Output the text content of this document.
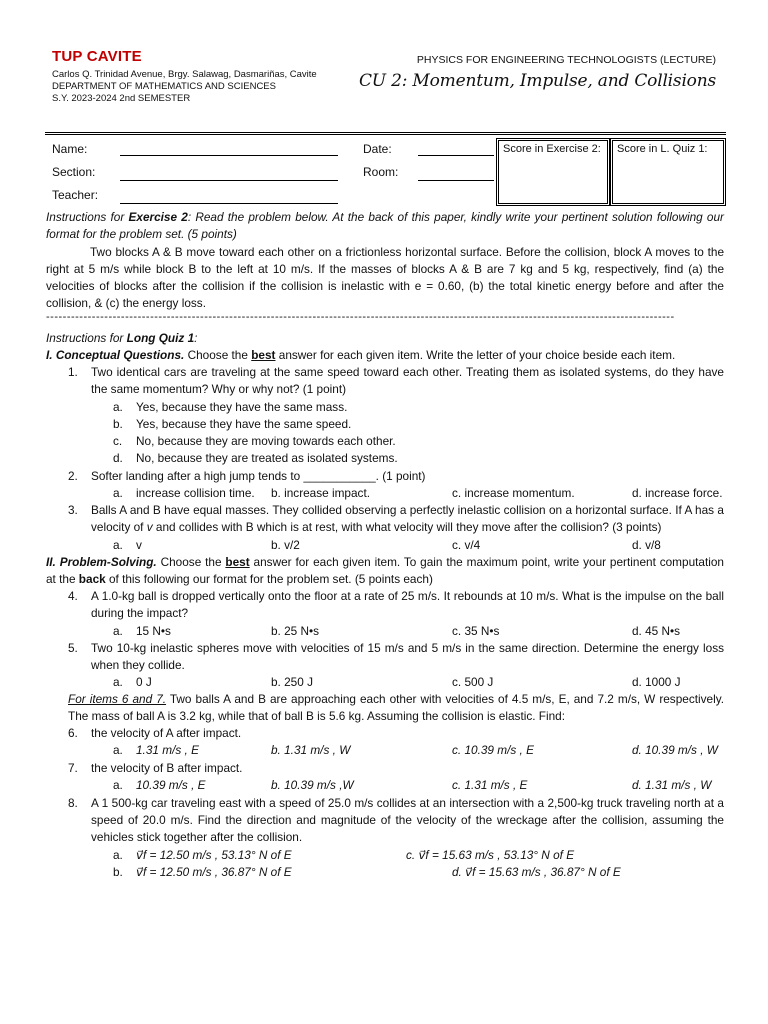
TUP CAVITE
Carlos Q. Trinidad Avenue, Brgy. Salawag, Dasmariñas, Cavite
DEPARTMENT OF MATHEMATICS AND SCIENCES
S.Y. 2023-2024 2nd SEMESTER
PHYSICS FOR ENGINEERING TECHNOLOGISTS (LECTURE)
CU 2: Momentum, Impulse, and Collisions
Name:
Section:
Teacher:
Date:
Room:
Score in Exercise 2:	Score in L. Quiz 1:
Instructions for Exercise 2: Read the problem below. At the back of this paper, kindly write your pertinent solution following our format for the problem set. (5 points)
Two blocks A & B move toward each other on a frictionless horizontal surface. Before the collision, block A moves to the right at 5 m/s while block B to the left at 10 m/s. If the masses of blocks A & B are 7 kg and 5 kg, respectively, find (a) the velocities of blocks after the collision if the collision is inelastic with e = 0.60, (b) the total kinetic energy before and after the collision, & (c) the energy loss.
-------------------------------------------------------------------------------------------------------------------------------------------------------
Instructions for Long Quiz 1:
I. Conceptual Questions. Choose the best answer for each given item. Write the letter of your choice beside each item.
1. Two identical cars are traveling at the same speed toward each other. Treating them as isolated systems, do they have the same momentum? Why or why not? (1 point)
a. Yes, because they have the same mass.
b. Yes, because they have the same speed.
c. No, because they are moving towards each other.
d. No, because they are treated as isolated systems.
2. Softer landing after a high jump tends to ___________. (1 point)
a. increase collision time. b. increase impact.	c. increase momentum.	d. increase force.
3. Balls A and B have equal masses. They collided observing a perfectly inelastic collision on a horizontal surface. If A has a velocity of v and collides with B which is at rest, with what velocity will they move after the collision? (3 points)
a. v	b. v/2	c. v/4	d. v/8
II. Problem-Solving. Choose the best answer for each given item. To gain the maximum point, write your pertinent computation at the back of this following our format for the problem set. (5 points each)
4. A 1.0-kg ball is dropped vertically onto the floor at a rate of 25 m/s. It rebounds at 10 m/s. What is the impulse on the ball during the impact?
a. 15 N•s	b. 25 N•s	c. 35 N•s	d. 45 N•s
5. Two 10-kg inelastic spheres move with velocities of 15 m/s and 5 m/s in the same direction. Determine the energy loss when they collide.
a. 0 J	b. 250 J	c. 500 J	d. 1000 J
For items 6 and 7. Two balls A and B are approaching each other with velocities of 4.5 m/s, E, and 7.2 m/s, W respectively. The mass of ball A is 3.2 kg, while that of ball B is 5.6 kg. Assuming the collision is elastic. Find:
6. the velocity of A after impact.
a. 1.31 m/s , E	b. 1.31 m/s , W	c. 10.39 m/s , E	d. 10.39 m/s , W
7. the velocity of B after impact.
a. 10.39 m/s , E	b. 10.39 m/s ,W	c. 1.31 m/s , E	d. 1.31 m/s , W
8. A 1 500-kg car traveling east with a speed of 25.0 m/s collides at an intersection with a 2,500-kg truck traveling north at a speed of 20.0 m/s. Find the direction and magnitude of the velocity of the wreckage after the collision, assuming the vehicles stick together after the collision.
a. v⃗f = 12.50 m/s , 53.13° N of E	c. v⃗f = 15.63 m/s , 53.13° N of E
b. v⃗f = 12.50 m/s , 36.87° N of E	d. v⃗f = 15.63 m/s , 36.87° N of E
